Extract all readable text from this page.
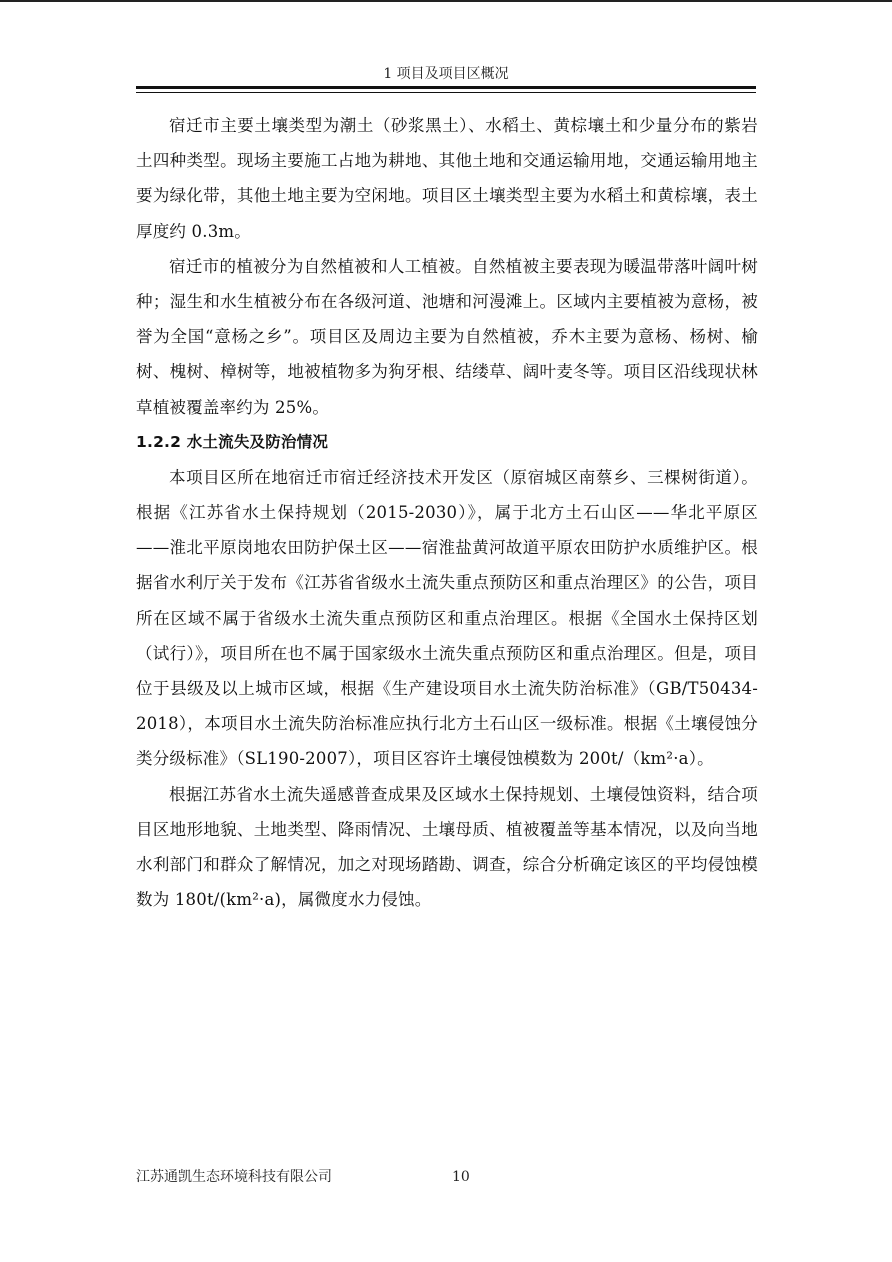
1 项目及项目区概况

宿迁市主要土壤类型为潮土（砂浆黑土）、水稻土、黄棕壤土和少量分布的紫岩土四种类型。现场主要施工占地为耕地、其他土地和交通运输用地，交通运输用地主要为绿化带，其他土地主要为空闲地。项目区土壤类型主要为水稻土和黄棕壤，表土厚度约 0.3m。

宿迁市的植被分为自然植被和人工植被。自然植被主要表现为暖温带落叶阔叶树种；湿生和水生植被分布在各级河道、池塘和河漫滩上。区域内主要植被为意杨，被誉为全国“意杨之乡”。项目区及周边主要为自然植被，乔木主要为意杨、杨树、榆树、槐树、樟树等，地被植物多为狗牙根、结缕草、阔叶麦冬等。项目区沿线现状林草植被覆盖率约为 25%。

1.2.2 水土流失及防治情况

本项目区所在地宿迁市宿迁经济技术开发区（原宿城区南蔡乡、三棵树街道）。根据《江苏省水土保持规划（2015-2030）》，属于北方土石山区——华北平原区——淮北平原岗地农田防护保土区——宿淮盐黄河故道平原农田防护水质维护区。根据省水利厅关于发布《江苏省省级水土流失重点预防区和重点治理区》的公告，项目所在区域不属于省级水土流失重点预防区和重点治理区。根据《全国水土保持区划（试行）》，项目所在也不属于国家级水土流失重点预防区和重点治理区。但是，项目位于县级及以上城市区域，根据《生产建设项目水土流失防治标准》（GB/T50434-2018），本项目水土流失防治标准应执行北方土石山区一级标准。根据《土壤侵蚀分类分级标准》（SL190-2007），项目区容许土壤侵蚀模数为 200t/（km²·a）。

根据江苏省水土流失遥感普查成果及区域水土保持规划、土壤侵蚀资料，结合项目区地形地貌、土地类型、降雨情况、土壤母质、植被覆盖等基本情况，以及向当地水利部门和群众了解情况，加之对现场踏勘、调查，综合分析确定该区的平均侵蚀模数为 180t/(km²·a)，属微度水力侵蚀。

江苏通凯生态环境科技有限公司	10
